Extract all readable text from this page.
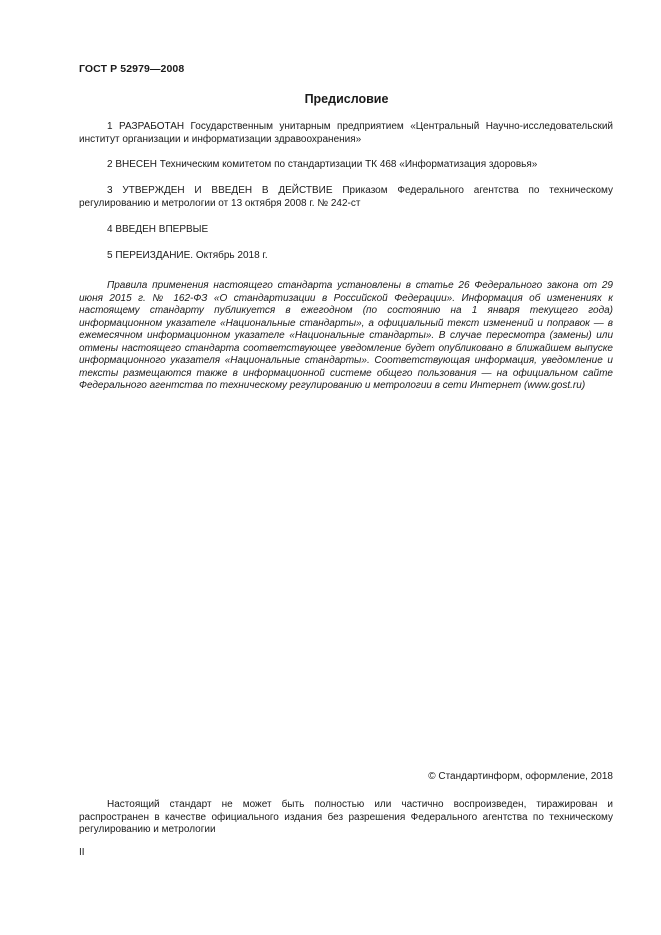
ГОСТ Р 52979—2008
Предисловие

1 РАЗРАБОТАН Государственным унитарным предприятием «Центральный Научно-исследовательский институт организации и информатизации здравоохранения»

2 ВНЕСЕН Техническим комитетом по стандартизации ТК 468 «Информатизация здоровья»

3 УТВЕРЖДЕН И ВВЕДЕН В ДЕЙСТВИЕ Приказом Федерального агентства по техническому регулированию и метрологии от 13 октября 2008 г. № 242-ст

4 ВВЕДЕН ВПЕРВЫЕ

5 ПЕРЕИЗДАНИЕ. Октябрь 2018 г.

Правила применения настоящего стандарта установлены в статье 26 Федерального закона от 29 июня 2015 г. № 162-ФЗ «О стандартизации в Российской Федерации». Информация об изменениях к настоящему стандарту публикуется в ежегодном (по состоянию на 1 января текущего года) информационном указателе «Национальные стандарты», а официальный текст изменений и поправок — в ежемесячном информационном указателе «Национальные стандарты». В случае пересмотра (замены) или отмены настоящего стандарта соответствующее уведомление будет опубликовано в ближайшем выпуске информационного указателя «Национальные стандарты». Соответствующая информация, уведомление и тексты размещаются также в информационной системе общего пользования — на официальном сайте Федерального агентства по техническому регулированию и метрологии в сети Интернет (www.gost.ru)

© Стандартинформ, оформление, 2018

Настоящий стандарт не может быть полностью или частично воспроизведен, тиражирован и распространен в качестве официального издания без разрешения Федерального агентства по техническому регулированию и метрологии

II
